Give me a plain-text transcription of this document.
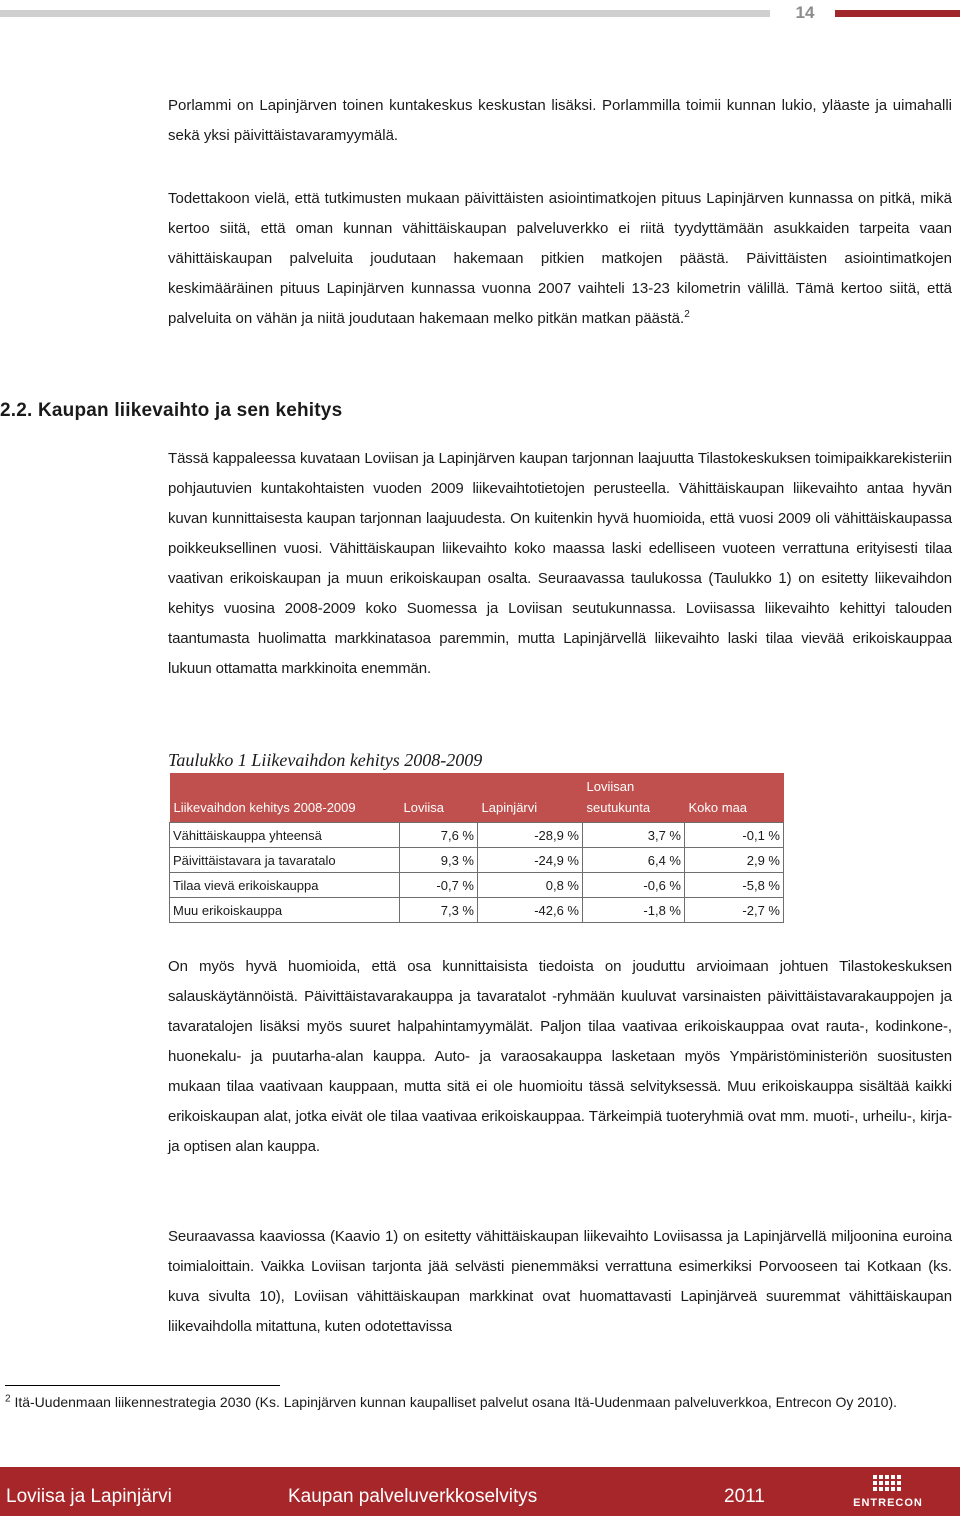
14

Porlammi on Lapinjärven toinen kuntakeskus keskustan lisäksi. Porlammilla toimii kunnan lukio, yläaste ja uimahalli sekä yksi päivittäistavaramyymälä.

Todettakoon vielä, että tutkimusten mukaan päivittäisten asiointimatkojen pituus Lapinjärven kunnassa on pitkä, mikä kertoo siitä, että oman kunnan vähittäiskaupan palveluverkko ei riitä tyydyttämään asukkaiden tarpeita vaan vähittäiskaupan palveluita joudutaan hakemaan pitkien matkojen päästä. Päivittäisten asiointimatkojen keskimääräinen pituus Lapinjärven kunnassa vuonna 2007 vaihteli 13-23 kilometrin välillä. Tämä kertoo siitä, että palveluita on vähän ja niitä joudutaan hakemaan melko pitkän matkan päästä.$^2$

2.2. Kaupan liikevaihto ja sen kehitys

Tässä kappaleessa kuvataan Loviisan ja Lapinjärven kaupan tarjonnan laajuutta Tilastokeskuksen toimipaikkarekisteriin pohjautuvien kuntakohtaisten vuoden 2009 liikevaihtotietojen perusteella. Vähittäiskaupan liikevaihto antaa hyvän kuvan kunnittaisesta kaupan tarjonnan laajuudesta. On kuitenkin hyvä huomioida, että vuosi 2009 oli vähittäiskaupassa poikkeuksellinen vuosi. Vähittäiskaupan liikevaihto koko maassa laski edelliseen vuoteen verrattuna erityisesti tilaa vaativan erikoiskaupan ja muun erikoiskaupan osalta. Seuraavassa taulukossa (Taulukko 1) on esitetty liikevaihdon kehitys vuosina 2008-2009 koko Suomessa ja Loviisan seutukunnassa. Loviisassa liikevaihto kehittyi talouden taantumasta huolimatta markkinatasoa paremmin, mutta Lapinjärvellä liikevaihto laski tilaa vievää erikoiskauppaa lukuun ottamatta markkinoita enemmän.

Taulukko 1 Liikevaihdon kehitys 2008-2009

Liikevaihdon kehitys 2008-2009	Loviisa	Lapinjärvi	Loviisan seutukunta	Koko maa
Vähittäiskauppa yhteensä	7,6 %	-28,9 %	3,7 %	-0,1 %
Päivittäistavara ja tavaratalo	9,3 %	-24,9 %	6,4 %	2,9 %
Tilaa vievä erikoiskauppa	-0,7 %	0,8 %	-0,6 %	-5,8 %
Muu erikoiskauppa	7,3 %	-42,6 %	-1,8 %	-2,7 %

On myös hyvä huomioida, että osa kunnittaisista tiedoista on jouduttu arvioimaan johtuen Tilastokeskuksen salauskäytännöistä. Päivittäistavarakauppa ja tavaratalot -ryhmään kuuluvat varsinaisten päivittäistavarakauppojen ja tavaratalojen lisäksi myös suuret halpahintamyymälät. Paljon tilaa vaativaa erikoiskauppaa ovat rauta-, kodinkone-, huonekalu- ja puutarha-alan kauppa. Auto- ja varaosakauppa lasketaan myös Ympäristöministeriön suositusten mukaan tilaa vaativaan kauppaan, mutta sitä ei ole huomioitu tässä selvityksessä. Muu erikoiskauppa sisältää kaikki erikoiskaupan alat, jotka eivät ole tilaa vaativaa erikoiskauppaa. Tärkeimpiä tuoteryhmiä ovat mm. muoti-, urheilu-, kirja- ja optisen alan kauppa.

Seuraavassa kaaviossa (Kaavio 1) on esitetty vähittäiskaupan liikevaihto Loviisassa ja Lapinjärvellä miljoonina euroina toimialoittain. Vaikka Loviisan tarjonta jää selvästi pienemmäksi verrattuna esimerkiksi Porvooseen tai Kotkaan (ks. kuva sivulta 10), Loviisan vähittäiskaupan markkinat ovat huomattavasti Lapinjärveä suuremmat vähittäiskaupan liikevaihdolla mitattuna, kuten odotettavissa

$^2$ Itä-Uudenmaan liikennestrategia 2030 (Ks. Lapinjärven kunnan kaupalliset palvelut osana Itä-Uudenmaan palveluverkkoa, Entrecon Oy 2010).

Loviisa ja Lapinjärvi	Kaupan palveluverkkoselvitys	2011	ENTRECON
